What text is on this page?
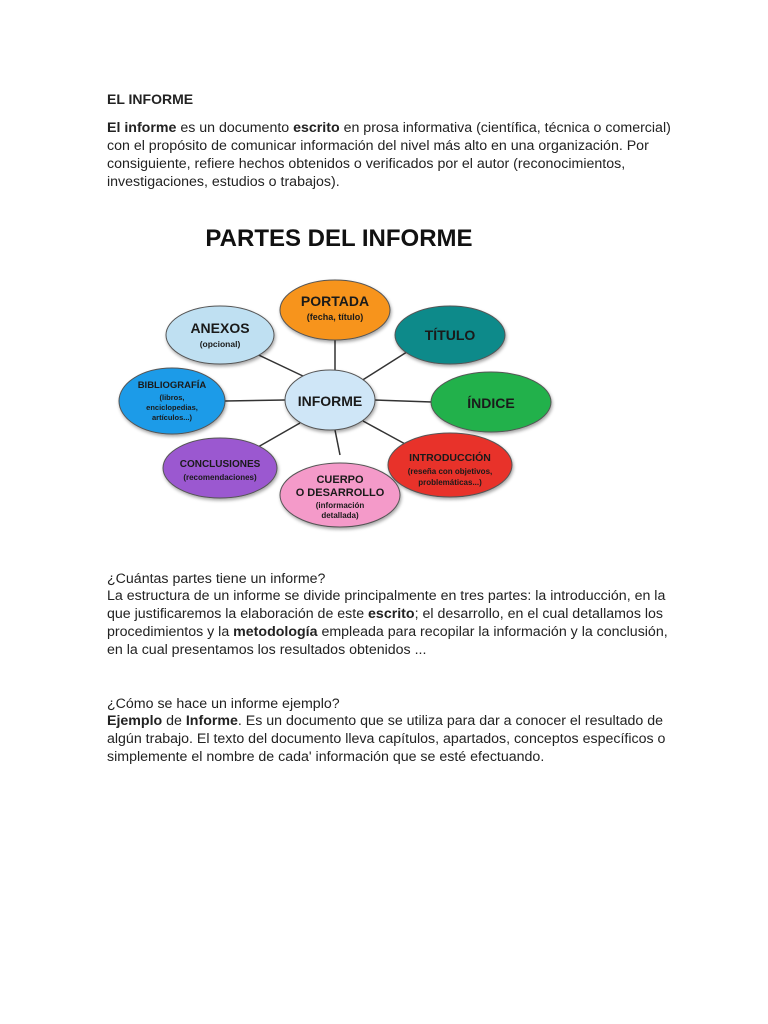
EL INFORME
El informe es un documento escrito en prosa informativa (científica, técnica o comercial) con el propósito de comunicar información del nivel más alto en una organización. Por consiguiente, refiere hechos obtenidos o verificados por el autor (reconocimientos, investigaciones, estudios o trabajos).
PARTES DEL INFORME
PORTADA
(fecha, título)
TÍTULO
ÍNDICE
INTRODUCCIÓN
(reseña con objetivos,
problemáticas...)
CUERPO
O DESARROLLO
(información
detallada)
CONCLUSIONES
(recomendaciones)
BIBLIOGRAFÍA
(libros,
enciclopedias,
artículos...)
ANEXOS
(opcional)
INFORME
¿Cuántas partes tiene un informe?
La estructura de un informe se divide principalmente en tres partes: la introducción, en la que justificaremos la elaboración de este escrito; el desarrollo, en el cual detallamos los procedimientos y la metodología empleada para recopilar la información y la conclusión, en la cual presentamos los resultados obtenidos ...
¿Cómo se hace un informe ejemplo?
Ejemplo de Informe. Es un documento que se utiliza para dar a conocer el resultado de algún trabajo. El texto del documento lleva capítulos, apartados, conceptos específicos o simplemente el nombre de cada' información que se esté efectuando.
